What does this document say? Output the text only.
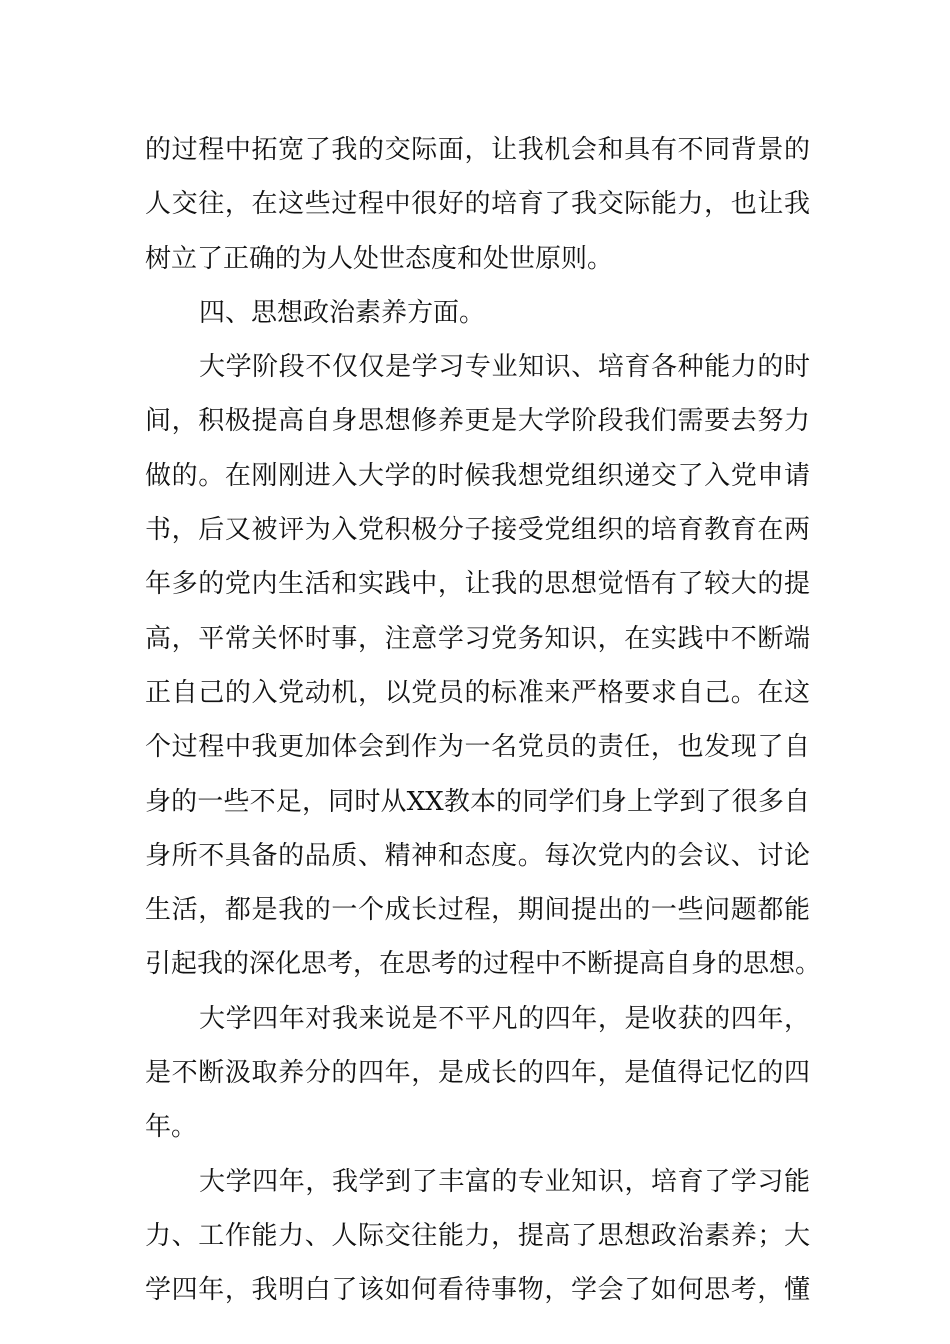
的过程中拓宽了我的交际面，让我机会和具有不同背景的
人交往，在这些过程中很好的培育了我交际能力，也让我
树立了正确的为人处世态度和处世原则。
四、思想政治素养方面。
大学阶段不仅仅是学习专业知识、培育各种能力的时
间，积极提高自身思想修养更是大学阶段我们需要去努力
做的。在刚刚进入大学的时候我想党组织递交了入党申请
书，后又被评为入党积极分子接受党组织的培育教育在两
年多的党内生活和实践中，让我的思想觉悟有了较大的提
高，平常关怀时事，注意学习党务知识，在实践中不断端
正自己的入党动机，以党员的标准来严格要求自己。在这
个过程中我更加体会到作为一名党员的责任，也发现了自
身的一些不足，同时从XX教本的同学们身上学到了很多自
身所不具备的品质、精神和态度。每次党内的会议、讨论
生活，都是我的一个成长过程，期间提出的一些问题都能
引起我的深化思考，在思考的过程中不断提高自身的思想。
大学四年对我来说是不平凡的四年，是收获的四年，
是不断汲取养分的四年，是成长的四年，是值得记忆的四
年。
大学四年，我学到了丰富的专业知识，培育了学习能
力、工作能力、人际交往能力，提高了思想政治素养；大
学四年，我明白了该如何看待事物，学会了如何思考，懂
